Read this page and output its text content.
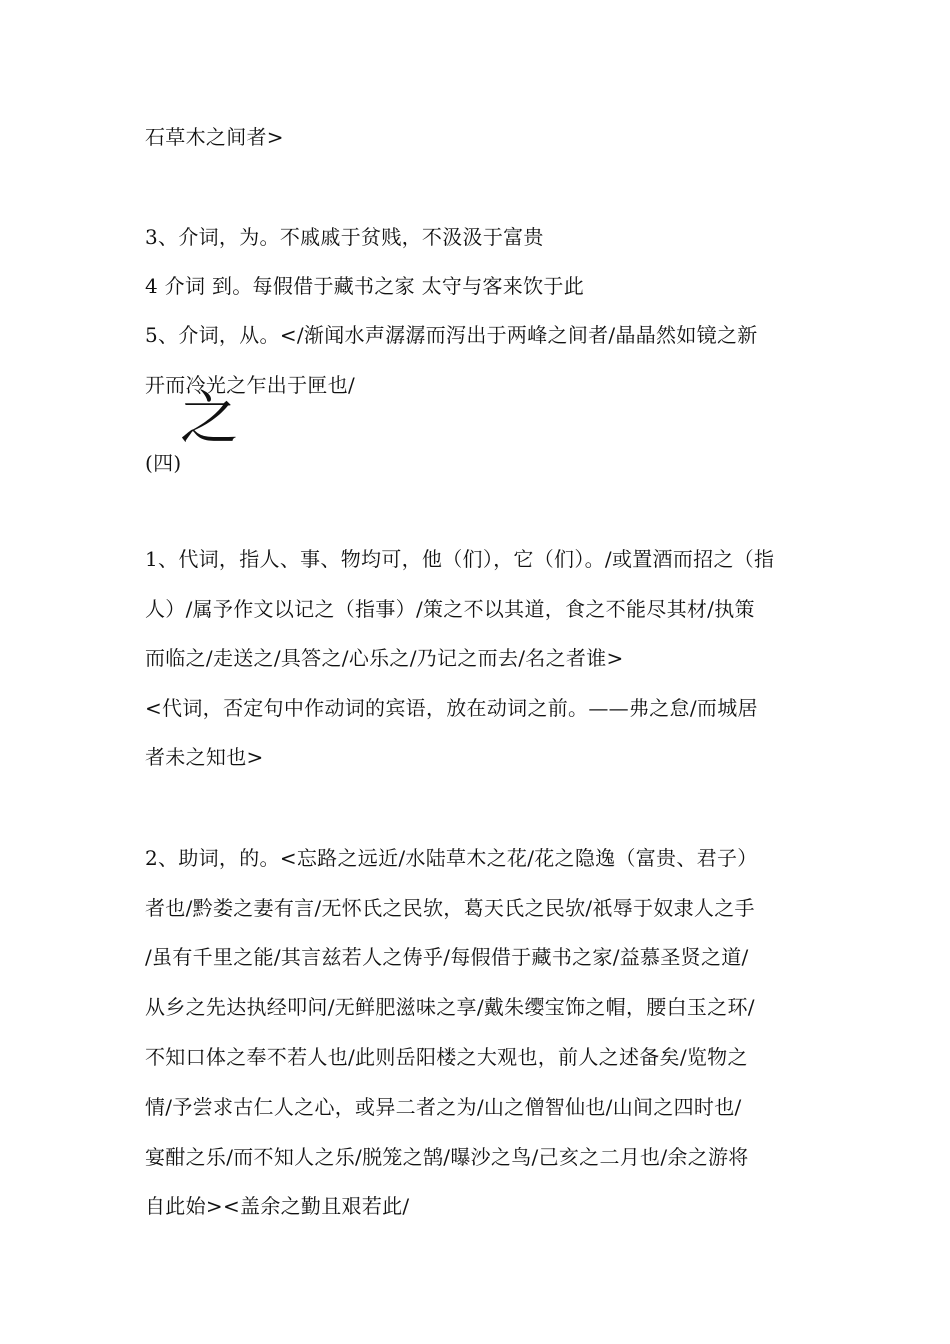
石草木之间者>
3、介词，为。不戚戚于贫贱，不汲汲于富贵
4 介词 到。每假借于藏书之家 太守与客来饮于此
5、介词，从。</渐闻水声潺潺而泻出于两峰之间者/晶晶然如镜之新
开而冷光之乍出于匣也/
之
(四)
1、代词，指人、事、物均可，他（们），它（们）。/或置酒而招之（指
人）/属予作文以记之（指事）/策之不以其道，食之不能尽其材/执策
而临之/走送之/具答之/心乐之/乃记之而去/名之者谁>
<代词，否定句中作动词的宾语，放在动词之前。——弗之怠/而城居
者未之知也>
2、助词，的。<忘路之远近/水陆草木之花/花之隐逸（富贵、君子）
者也/黔娄之妻有言/无怀氏之民欤，葛天氏之民欤/祇辱于奴隶人之手
/虽有千里之能/其言兹若人之俦乎/每假借于藏书之家/益慕圣贤之道/
从乡之先达执经叩问/无鲜肥滋味之享/戴朱缨宝饰之帽，腰白玉之环/
不知口体之奉不若人也/此则岳阳楼之大观也，前人之述备矣/览物之
情/予尝求古仁人之心，或异二者之为/山之僧智仙也/山间之四时也/
宴酣之乐/而不知人之乐/脱笼之鹄/曝沙之鸟/己亥之二月也/余之游将
自此始><盖余之勤且艰若此/
